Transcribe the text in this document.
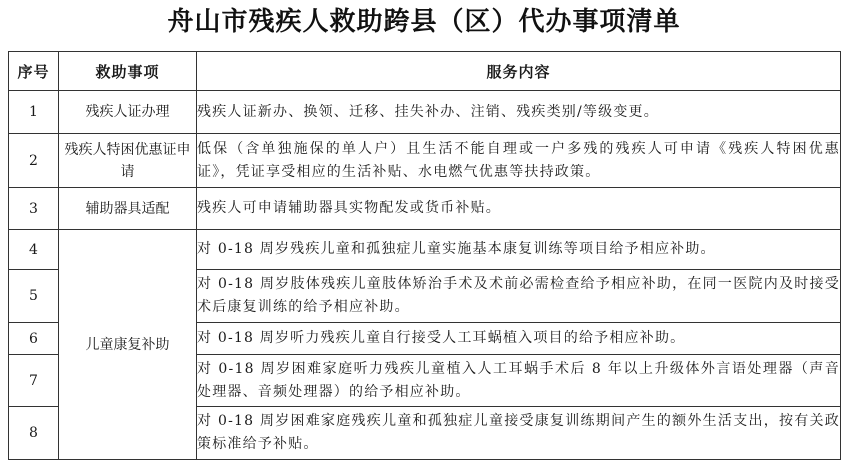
舟山市残疾人救助跨县（区）代办事项清单
序号	救助事项	服务内容
1	残疾人证办理	残疾人证新办、换领、迁移、挂失补办、注销、残疾类别/等级变更。
2	残疾人特困优惠证申请	低保（含单独施保的单人户）且生活不能自理或一户多残的残疾人可申请《残疾人特困优惠证》，凭证享受相应的生活补贴、水电燃气优惠等扶持政策。
3	辅助器具适配	残疾人可申请辅助器具实物配发或货币补贴。
4	儿童康复补助	对 0-18 周岁残疾儿童和孤独症儿童实施基本康复训练等项目给予相应补助。
5		对 0-18 周岁肢体残疾儿童肢体矫治手术及术前必需检查给予相应补助，在同一医院内及时接受术后康复训练的给予相应补助。
6		对 0-18 周岁听力残疾儿童自行接受人工耳蜗植入项目的给予相应补助。
7		对 0-18 周岁困难家庭听力残疾儿童植入人工耳蜗手术后 8 年以上升级体外言语处理器（声音处理器、音频处理器）的给予相应补助。
8		对 0-18 周岁困难家庭残疾儿童和孤独症儿童接受康复训练期间产生的额外生活支出，按有关政策标准给予补贴。
